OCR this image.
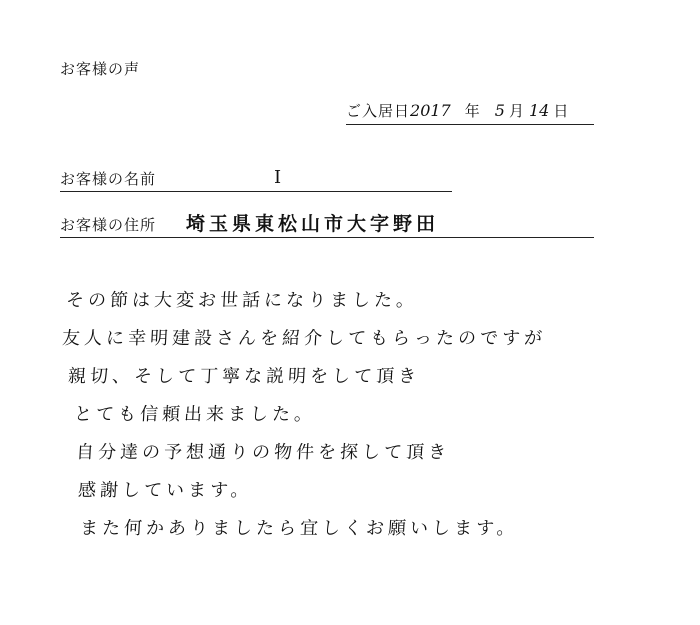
お客様の声
ご入居日2017 年 5 月 14 日
お客様の名前	I
お客様の住所 埼玉県東松山市大字野田
その節は大変お世話になりました。
友人に幸明建設さんを紹介してもらったのですが
親切、そして丁寧な説明をして頂き
とても信頼出来ました。
自分達の予想通りの物件を探して頂き
感謝しています。
また何かありましたら宜しくお願いします。
